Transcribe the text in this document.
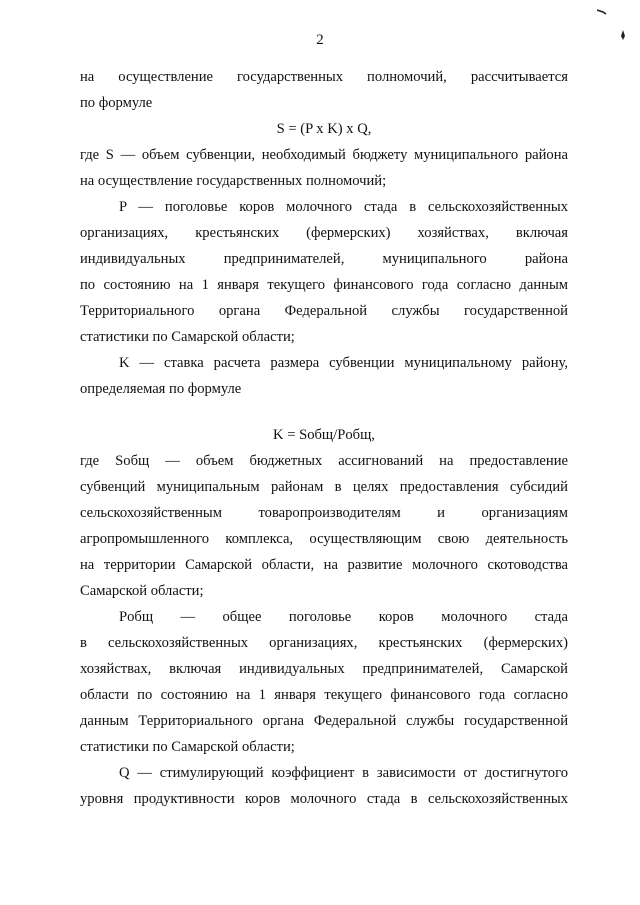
2
на осуществление государственных полномочий, рассчитывается
по формуле
S = (P x K) x Q,
где S — объем субвенции, необходимый бюджету муниципального района
на осуществление государственных полномочий;
P — поголовье коров молочного стада в сельскохозяйственных
организациях, крестьянских (фермерских) хозяйствах, включая
индивидуальных предпринимателей, муниципального района
по состоянию на 1 января текущего финансового года согласно данным
Территориального органа Федеральной службы государственной
статистики по Самарской области;
K — ставка расчета размера субвенции муниципальному району,
определяемая по формуле
K = Sобщ/Pобщ,
где Sобщ — объем бюджетных ассигнований на предоставление
субвенций муниципальным районам в целях предоставления субсидий
сельскохозяйственным товаропроизводителям и организациям
агропромышленного комплекса, осуществляющим свою деятельность
на территории Самарской области, на развитие молочного скотоводства
Самарской области;
Pобщ — общее поголовье коров молочного стада
в сельскохозяйственных организациях, крестьянских (фермерских)
хозяйствах, включая индивидуальных предпринимателей, Самарской
области по состоянию на 1 января текущего финансового года согласно
данным Территориального органа Федеральной службы государственной
статистики по Самарской области;
Q — стимулирующий коэффициент в зависимости от достигнутого
уровня продуктивности коров молочного стада в сельскохозяйственных
